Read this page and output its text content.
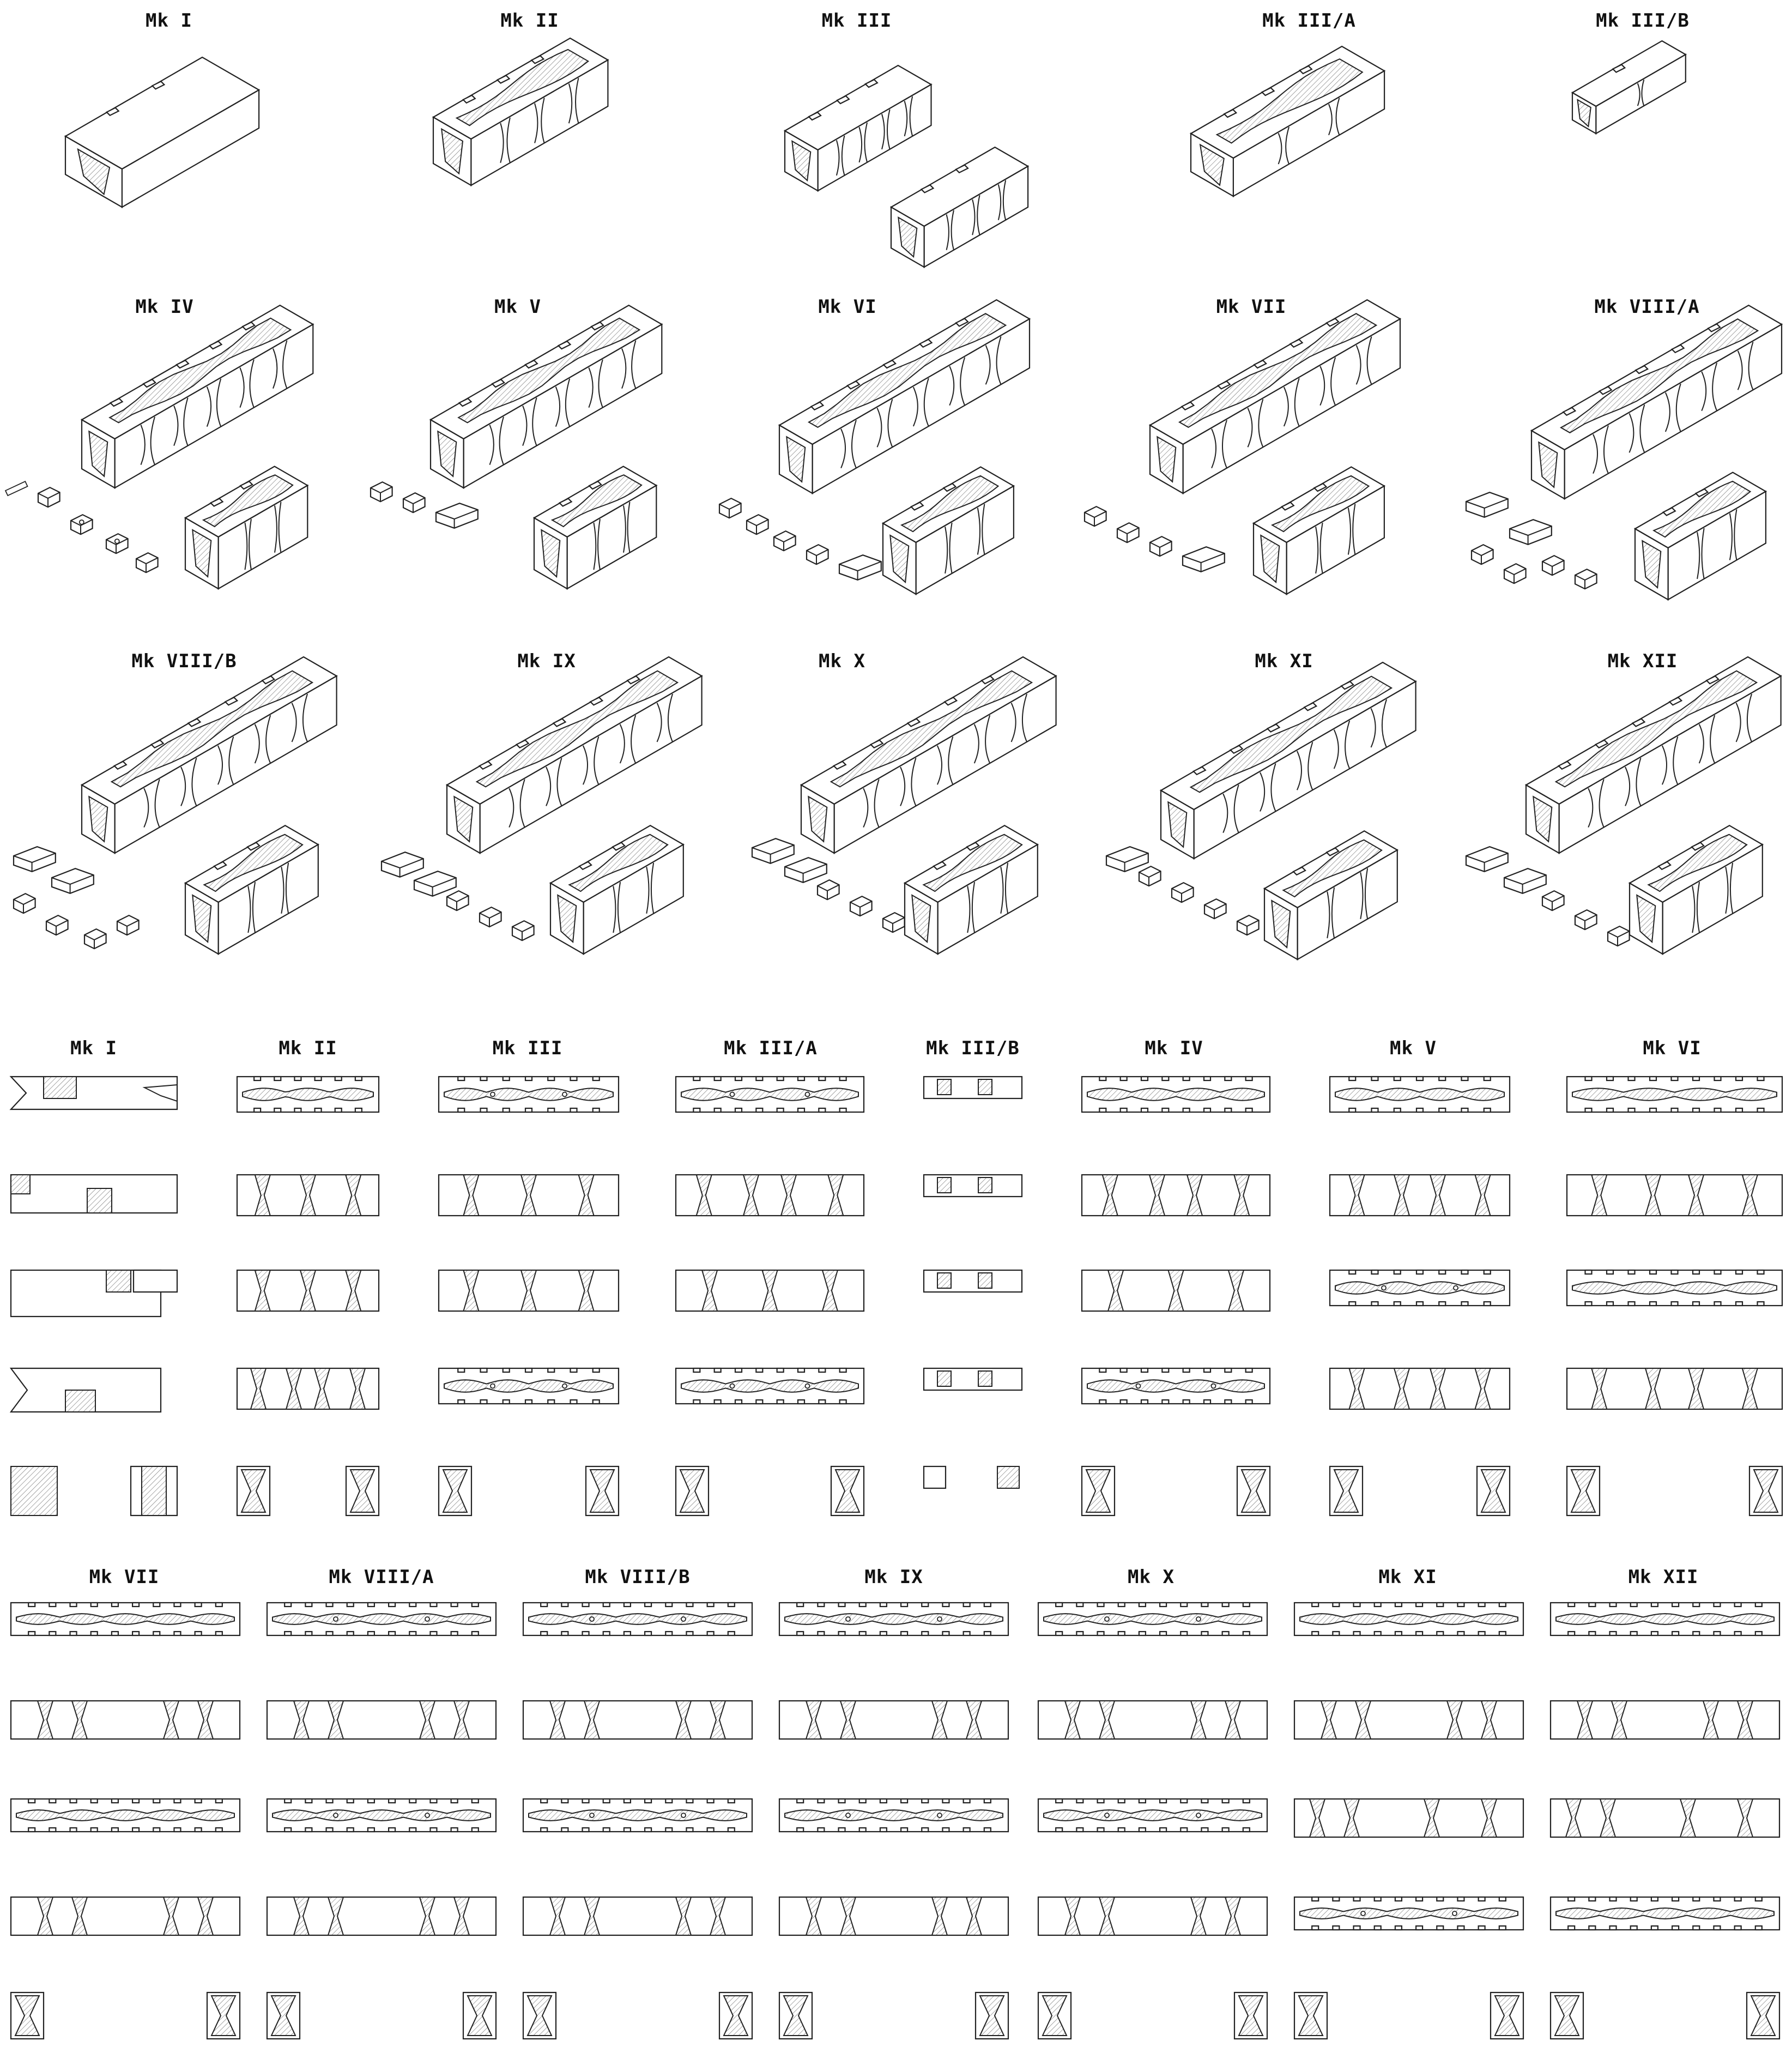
Mk I	Mk II	Mk III	Mk III/A	Mk III/B
Mk IV	Mk V	Mk VI	Mk VII	Mk VIII/A
Mk VIII/B	Mk IX	Mk X	Mk XI	Mk XII
Mk I	Mk II	Mk III	Mk III/A	Mk III/B	Mk IV	Mk V	Mk VI
Mk VII	Mk VIII/A	Mk VIII/B	Mk IX	Mk X	Mk XI	Mk XII
